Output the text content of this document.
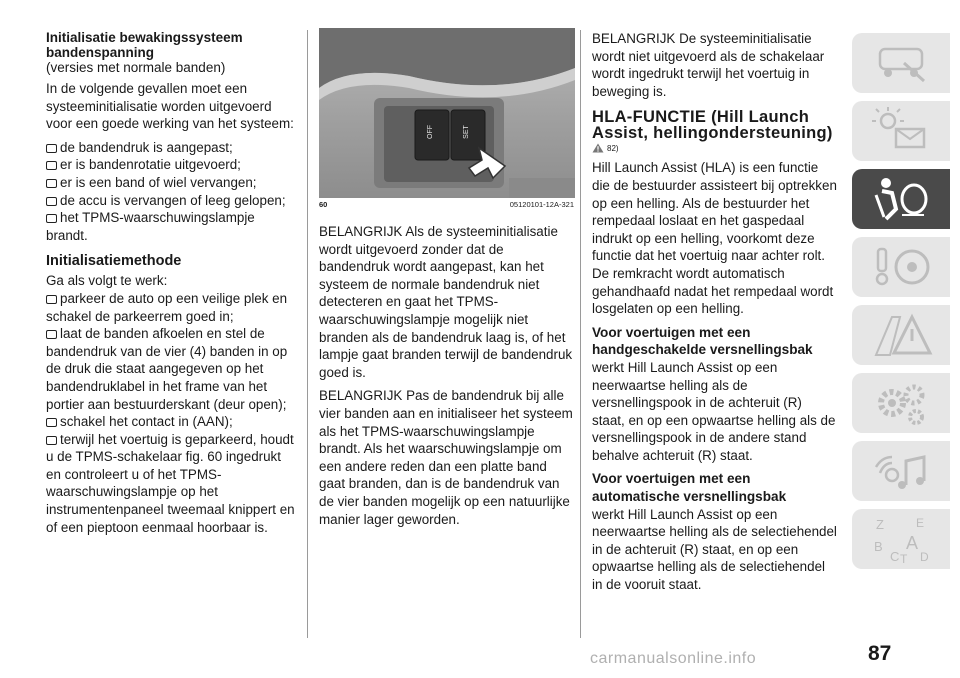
Initialisatie bewakingssysteem bandenspanning

(versies met normale banden)

In de volgende gevallen moet een systeeminitialisatie worden uitgevoerd voor een goede werking van het systeem:

de bandendruk is aangepast;

er is bandenrotatie uitgevoerd;

er is een band of wiel vervangen;

de accu is vervangen of leeg gelopen;

het TPMS-waarschuwingslampje brandt.

Initialisatiemethode

Ga als volgt te werk:

parkeer de auto op een veilige plek en schakel de parkeerrem goed in;

laat de banden afkoelen en stel de bandendruk van de vier (4) banden in op de druk die staat aangegeven op het bandendruklabel in het frame van het portier aan bestuurderskant (deur open);

schakel het contact in (AAN);

terwijl het voertuig is geparkeerd, houdt u de TPMS-schakelaar fig. 60 ingedrukt en controleert u of het TPMS-waarschuwingslampje op het instrumentenpaneel tweemaal knippert en of een pieptoon eenmaal hoorbaar is.

OFF	SET
60	05120101-12A-321

BELANGRIJK Als de systeeminitialisatie wordt uitgevoerd zonder dat de bandendruk wordt aangepast, kan het systeem de normale bandendruk niet detecteren en gaat het TPMS-waarschuwingslampje mogelijk niet branden als de bandendruk laag is, of het lampje gaat branden terwijl de bandendruk goed is.

BELANGRIJK Pas de bandendruk bij alle vier banden aan en initialiseer het systeem als het TPMS-waarschuwingslampje brandt. Als het waarschuwingslampje om een andere reden dan een platte band gaat branden, dan is de bandendruk van de vier banden mogelijk op een natuurlijke manier lager geworden.

BELANGRIJK De systeeminitialisatie wordt niet uitgevoerd als de schakelaar wordt ingedrukt terwijl het voertuig in beweging is.

HLA-FUNCTIE (Hill Launch Assist, hellingondersteuning)

82)

Hill Launch Assist (HLA) is een functie die de bestuurder assisteert bij optrekken op een helling. Als de bestuurder het rempedaal loslaat en het gaspedaal indrukt op een helling, voorkomt deze functie dat het voertuig naar achter rolt. De remkracht wordt automatisch gehandhaafd nadat het rempedaal wordt losgelaten op een helling.

Voor voertuigen met een handgeschakelde versnellingsbak

werkt Hill Launch Assist op een neerwaartse helling als de versnellingspook in de achteruit (R) staat, en op een opwaartse helling als de versnellingspook in de andere stand behalve achteruit (R) staat.

Voor voertuigen met een automatische versnellingsbak

werkt Hill Launch Assist op een neerwaartse helling als de selectiehendel in de achteruit (R) staat, en op een opwaartse helling als de selectiehendel in de vooruit staat.

Z	E
B
C
A
T D
87
carmanualsonline.info
